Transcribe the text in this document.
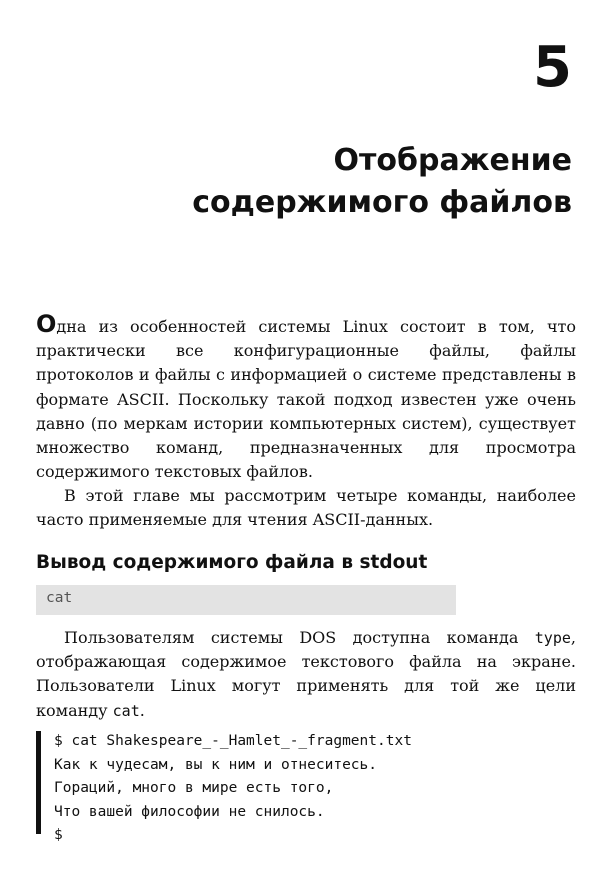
5
Отображение
содержимого файлов

Одна из особенностей системы Linux состоит в том, что практически все конфигурационные файлы, файлы протоколов и файлы с информацией о системе представлены в формате ASCII. Поскольку такой подход известен уже очень давно (по меркам истории компьютерных систем), существует множество команд, предназначенных для просмотра содержимого текстовых файлов.

В этой главе мы рассмотрим четыре команды, наиболее часто применяемые для чтения ASCII-данных.

Вывод содержимого файла в stdout
cat

Пользователям системы DOS доступна команда type, отображающая содержимое текстового файла на экране. Пользователи Linux могут применять для той же цели команду cat.

$ cat Shakespeare_-_Hamlet_-_fragment.txt
Как к чудесам, вы к ним и отнеситесь.
Гораций, много в мире есть того,
Что вашей философии не снилось.
$
